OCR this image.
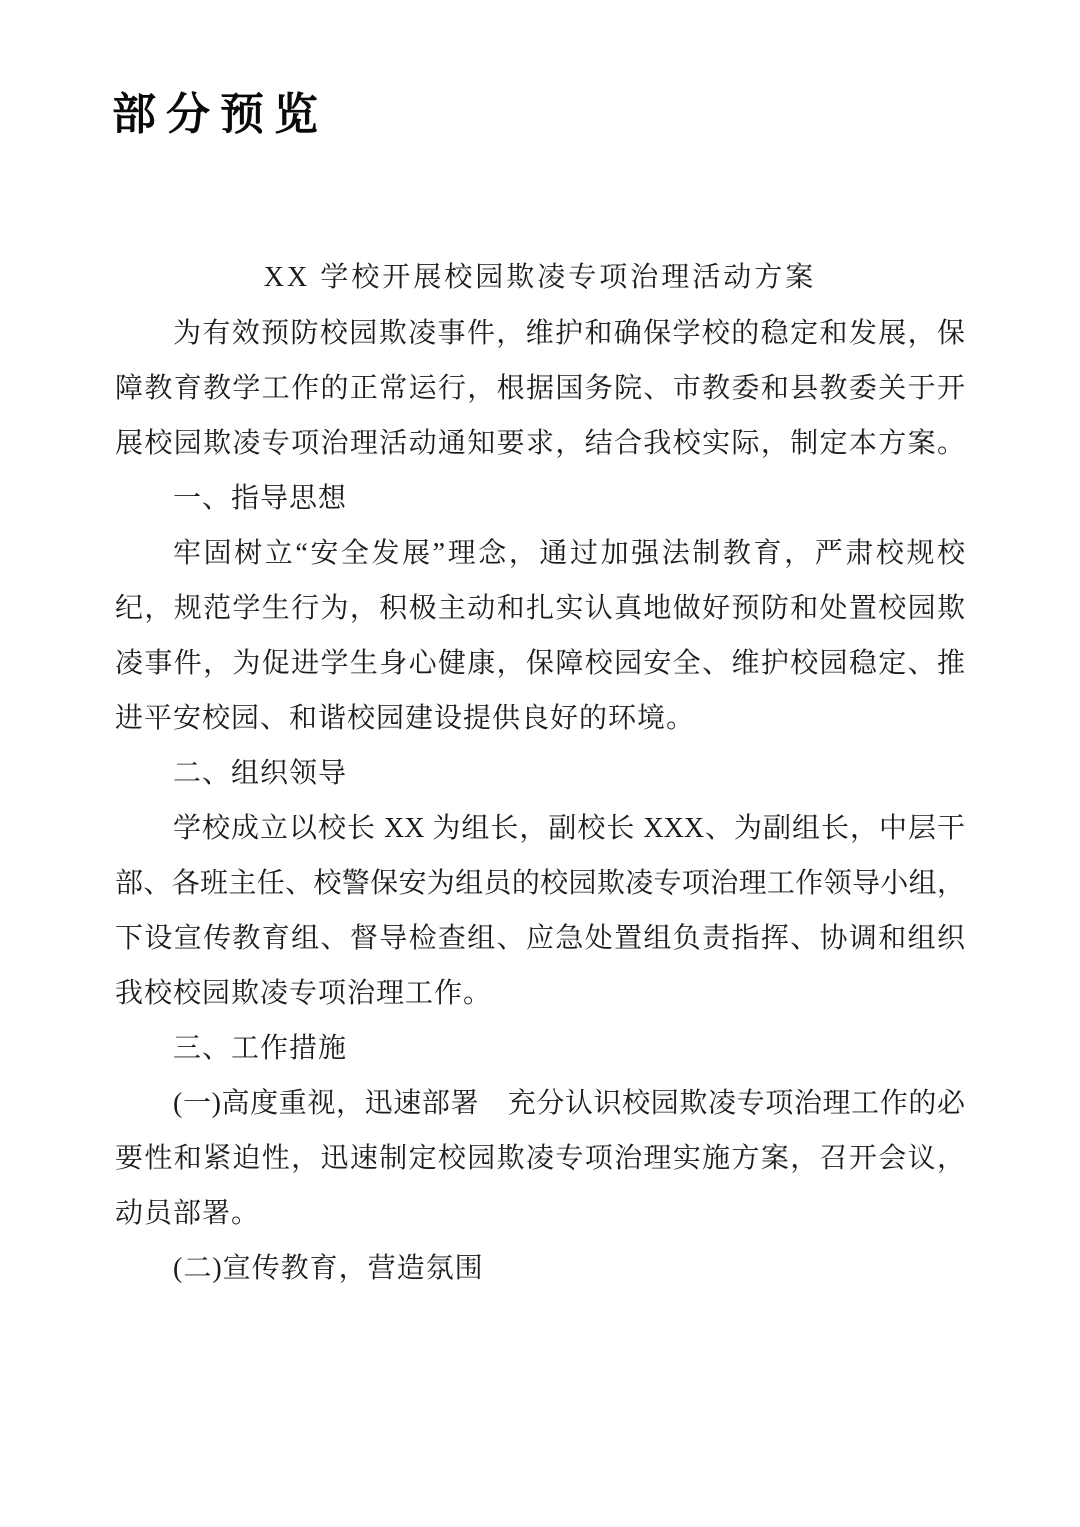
部分预览
XX 学校开展校园欺凌专项治理活动方案
为有效预防校园欺凌事件，维护和确保学校的稳定和发展，保
障教育教学工作的正常运行，根据国务院、市教委和县教委关于开
展校园欺凌专项治理活动通知要求，结合我校实际，制定本方案。
一、指导思想
牢固树立“安全发展”理念，通过加强法制教育，严肃校规校
纪，规范学生行为，积极主动和扎实认真地做好预防和处置校园欺
凌事件，为促进学生身心健康，保障校园安全、维护校园稳定、推
进平安校园、和谐校园建设提供良好的环境。
二、组织领导
学校成立以校长 XX 为组长，副校长 XXX、为副组长，中层干
部、各班主任、校警保安为组员的校园欺凌专项治理工作领导小组，
下设宣传教育组、督导检查组、应急处置组负责指挥、协调和组织
我校校园欺凌专项治理工作。
三、工作措施
(一)高度重视，迅速部署　充分认识校园欺凌专项治理工作的必
要性和紧迫性，迅速制定校园欺凌专项治理实施方案，召开会议，
动员部署。
(二)宣传教育，营造氛围
